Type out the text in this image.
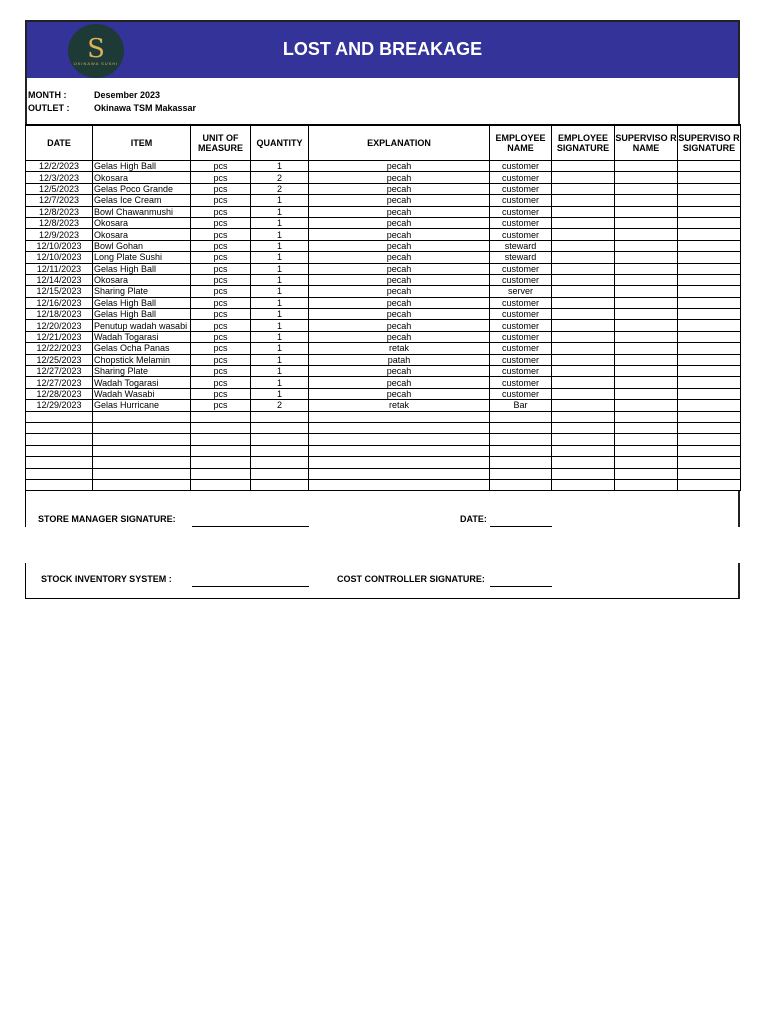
S
OKINAWA SUSHI
LOST AND BREAKAGE
MONTH :	Desember 2023
OUTLET :	Okinawa TSM Makassar
DATE	ITEM	UNIT OF MEASURE	QUANTITY	EXPLANATION	EMPLOYEE NAME	EMPLOYEE SIGNATURE	SUPERVISO R NAME	SUPERVISO R SIGNATURE
12/2/2023	Gelas High Ball	pcs	1	pecah	customer			
12/3/2023	Okosara	pcs	2	pecah	customer			
12/5/2023	Gelas Poco Grande	pcs	2	pecah	customer			
12/7/2023	Gelas Ice Cream	pcs	1	pecah	customer			
12/8/2023	Bowl Chawanmushi	pcs	1	pecah	customer			
12/8/2023	Okosara	pcs	1	pecah	customer			
12/9/2023	Okosara	pcs	1	pecah	customer			
12/10/2023	Bowl Gohan	pcs	1	pecah	steward			
12/10/2023	Long Plate Sushi	pcs	1	pecah	steward			
12/11/2023	Gelas High Ball	pcs	1	pecah	customer			
12/14/2023	Okosara	pcs	1	pecah	customer			
12/15/2023	Sharing Plate	pcs	1	pecah	server			
12/16/2023	Gelas High Ball	pcs	1	pecah	customer			
12/18/2023	Gelas High Ball	pcs	1	pecah	customer			
12/20/2023	Penutup wadah wasabi	pcs	1	pecah	customer			
12/21/2023	Wadah Togarasi	pcs	1	pecah	customer			
12/22/2023	Gelas Ocha Panas	pcs	1	retak	customer			
12/25/2023	Chopstick Melamin	pcs	1	patah	customer			
12/27/2023	Sharing Plate	pcs	1	pecah	customer			
12/27/2023	Wadah Togarasi	pcs	1	pecah	customer			
12/28/2023	Wadah Wasabi	pcs	1	pecah	customer			
12/29/2023	Gelas Hurricane	pcs	2	retak	Bar			

STORE MANAGER SIGNATURE:	DATE:
STOCK INVENTORY SYSTEM :	COST CONTROLLER SIGNATURE:
